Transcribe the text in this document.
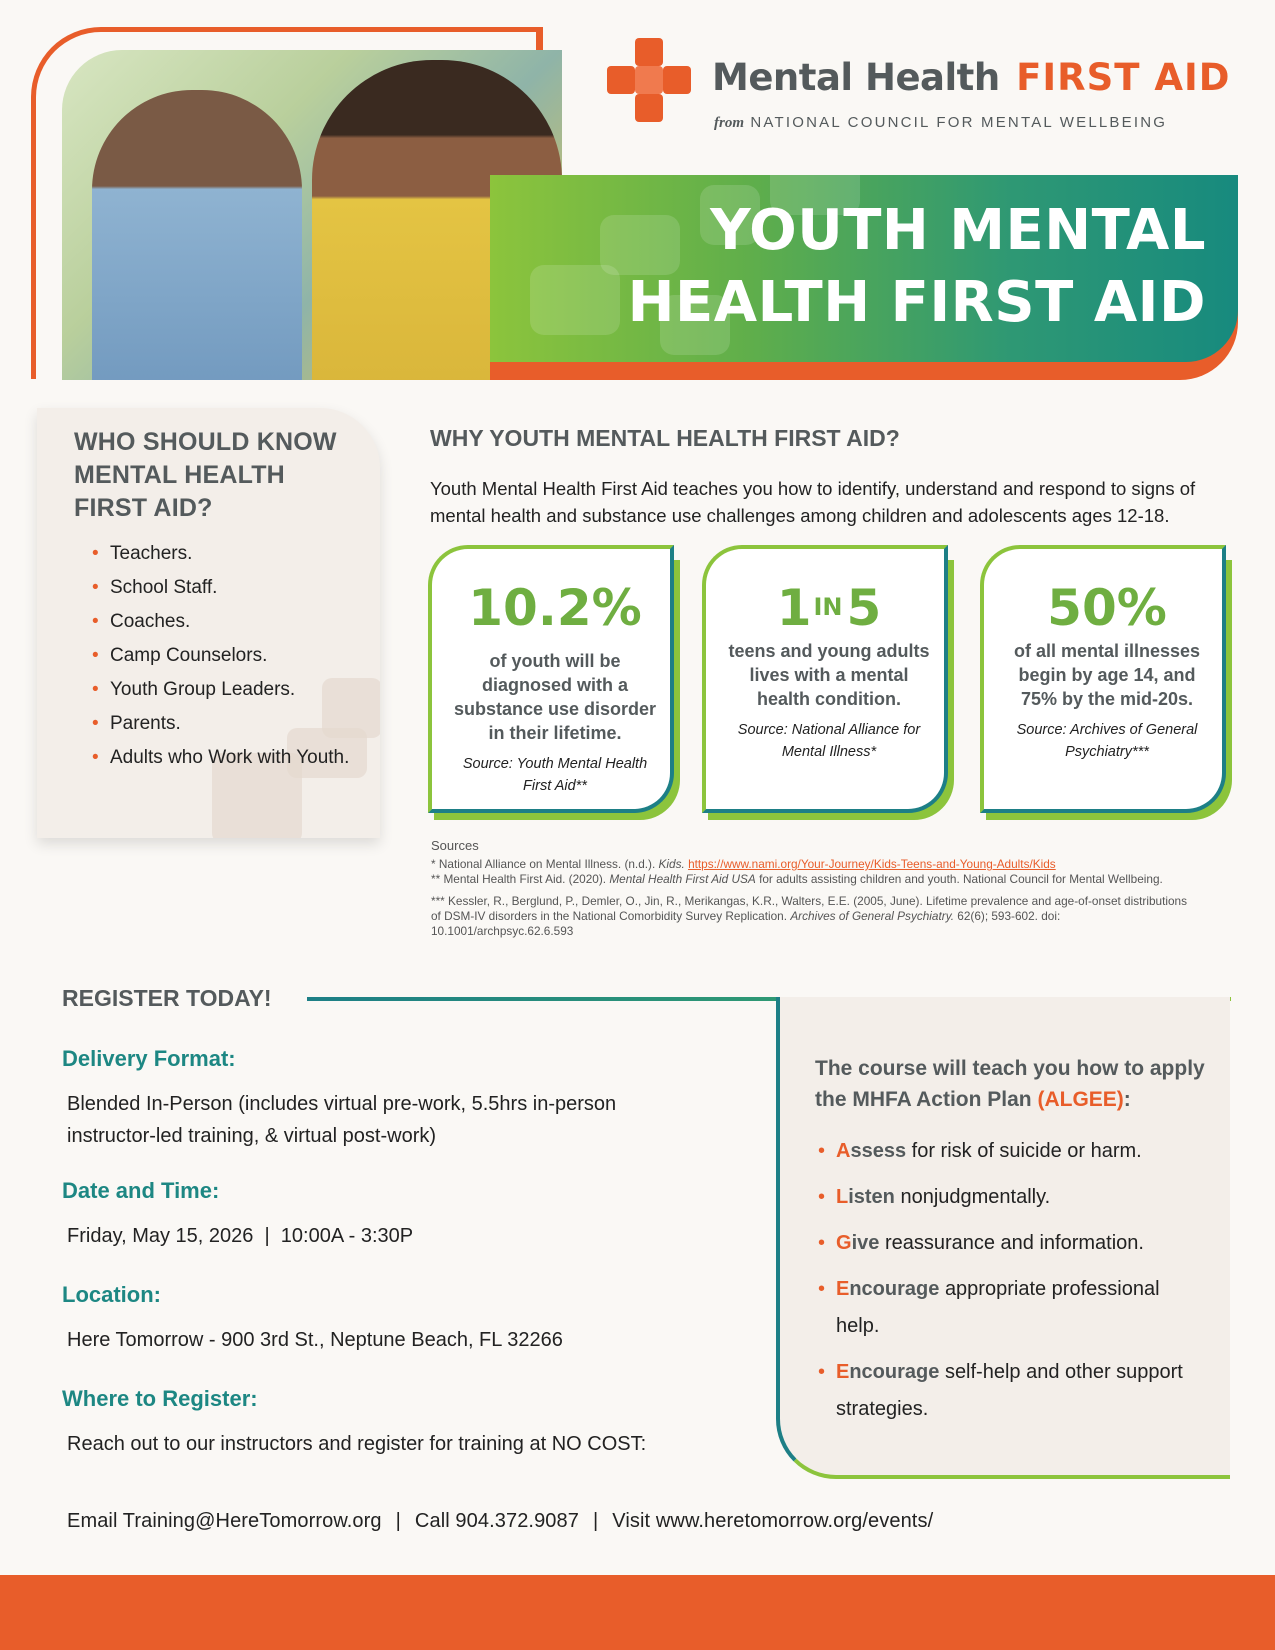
Mental Health FIRST AID
from NATIONAL COUNCIL FOR MENTAL WELLBEING
YOUTH MENTAL
HEALTH FIRST AID
WHO SHOULD KNOW MENTAL HEALTH FIRST AID?
• Teachers.
• School Staff.
• Coaches.
• Camp Counselors.
• Youth Group Leaders.
• Parents.
• Adults who Work with Youth.
WHY YOUTH MENTAL HEALTH FIRST AID?
Youth Mental Health First Aid teaches you how to identify, understand and respond to signs of mental health and substance use challenges among children and adolescents ages 12-18.
10.2%
of youth will be diagnosed with a substance use disorder in their lifetime.
Source: Youth Mental Health First Aid**
$1^{IN}5$
teens and young adults lives with a mental health condition.
Source: National Alliance for Mental Illness*
50%
of all mental illnesses begin by age 14, and 75% by the mid-20s.
Source: Archives of General Psychiatry***
Sources

* National Alliance on Mental Illness. (n.d.). Kids. https://www.nami.org/Your-Journey/Kids-Teens-and-Young-Adults/Kids
** Mental Health First Aid. (2020). Mental Health First Aid USA for adults assisting children and youth. National Council for Mental Wellbeing.

*** Kessler, R., Berglund, P., Demler, O., Jin, R., Merikangas, K.R., Walters, E.E. (2005, June). Lifetime prevalence and age-of-onset distributions of DSM-IV disorders in the National Comorbidity Survey Replication. Archives of General Psychiatry. 62(6); 593-602. doi: 10.1001/archpsyc.62.6.593

REGISTER TODAY!
Delivery Format:
Blended In-Person (includes virtual pre-work, 5.5hrs in-person instructor-led training, & virtual post-work)
Date and Time:
Friday, May 15, 2026  |  10:00A - 3:30P
Location:
Here Tomorrow - 900 3rd St., Neptune Beach, FL 32266
Where to Register:
Reach out to our instructors and register for training at NO COST:
The course will teach you how to apply the MHFA Action Plan (ALGEE):
• Assess for risk of suicide or harm.
• Listen nonjudgmentally.
• Give reassurance and information.
• Encourage appropriate professional help.
• Encourage self-help and other support strategies.
Email Training@HereTomorrow.org | Call 904.372.9087 | Visit www.heretomorrow.org/events/
